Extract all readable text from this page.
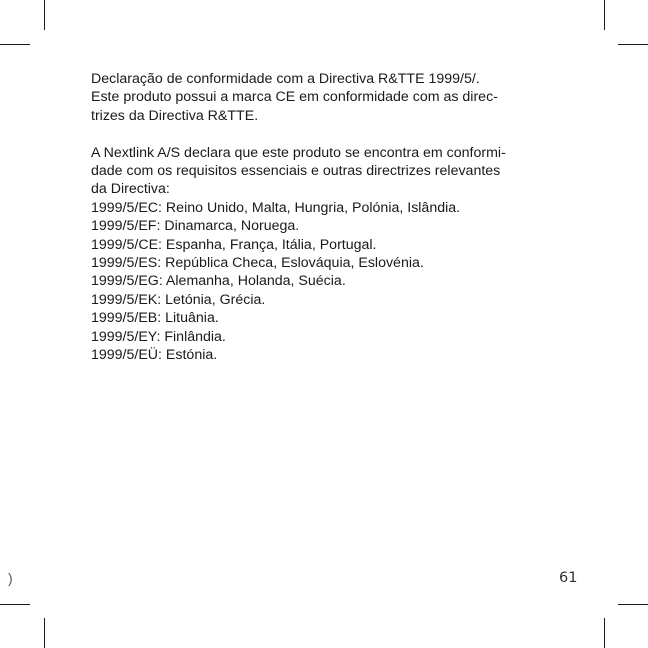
Declaração de conformidade com a Directiva R&TTE 1999/5/.
Este produto possui a marca CE em conformidade com as direc-
trizes da Directiva R&TTE.

A Nextlink A/S declara que este produto se encontra em conformi-
dade com os requisitos essenciais e outras directrizes relevantes
da Directiva:
1999/5/EC: Reino Unido, Malta, Hungria, Polónia, Islândia.
1999/5/EF: Dinamarca, Noruega.
1999/5/CE: Espanha, França, Itália, Portugal.
1999/5/ES: República Checa, Eslováquia, Eslovénia.
1999/5/EG: Alemanha, Holanda, Suécia.
1999/5/EK: Letónia, Grécia.
1999/5/EB: Lituânia.
1999/5/EY: Finlândia.
1999/5/EÜ: Estónia.

)	61
